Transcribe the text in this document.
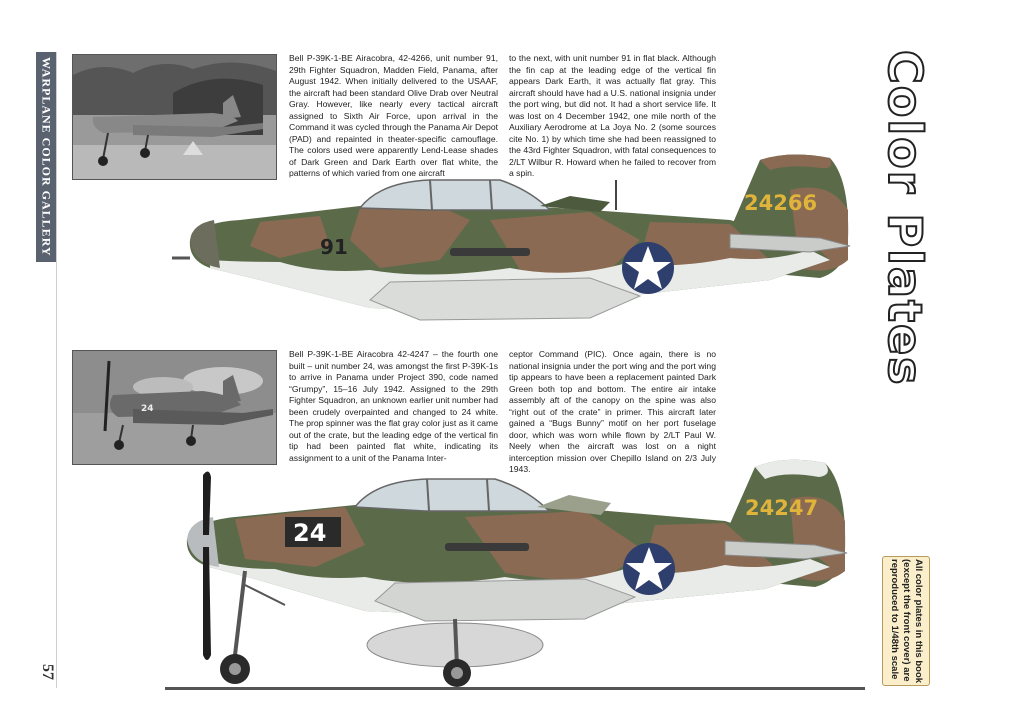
WARPLANE COLOR GALLERY
57
Color Plates
Bell P-39K-1-BE Airacobra, 42-4266, unit number 91, 29th Fighter Squadron, Madden Field, Panama, after August 1942. When initially delivered to the USAAF, the aircraft had been standard Olive Drab over Neutral Gray. However, like nearly every tactical aircraft assigned to Sixth Air Force, upon arrival in the Command it was cycled through the Panama Air Depot (PAD) and repainted in theater-specific camouflage. The colors used were apparently Lend-Lease shades of Dark Green and Dark Earth over flat white, the patterns of which varied from one aircraft
to the next, with unit number 91 in flat black. Although the fin cap at the leading edge of the vertical fin appears Dark Earth, it was actually flat gray. This aircraft should have had a U.S. national insignia under the port wing, but did not. It had a short service life. It was lost on 4 December 1942, one mile north of the Auxiliary Aerodrome at La Joya No. 2 (some sources cite No. 1) by which time she had been reassigned to the 43rd Fighter Squadron, with fatal consequences to 2/LT Wilbur R. Howard when he failed to recover from a spin.
91
24266
24
Bell P-39K-1-BE Airacobra 42-4247 – the fourth one built – unit number 24, was amongst the first P-39K-1s to arrive in Panama under Project 390, code named “Grumpy”, 15–16 July 1942. Assigned to the 29th Fighter Squadron, an unknown earlier unit number had been crudely overpainted and changed to 24 white. The prop spinner was the flat gray color just as it came out of the crate, but the leading edge of the vertical fin tip had been painted flat white, indicating its assignment to a unit of the Panama Inter-
ceptor Command (PIC). Once again, there is no national insignia under the port wing and the port wing tip appears to have been a replacement painted Dark Green both top and bottom. The entire air intake assembly aft of the canopy on the spine was also “right out of the crate” in primer. This aircraft later gained a “Bugs Bunny” motif on her port fuselage door, which was worn while flown by 2/LT Paul W. Neely when the aircraft was lost on a night interception mission over Chepillo Island on 2/3 July 1943.
24
24247
All color plates in this book
(except the front cover) are
reproduced to 1/48th scale
